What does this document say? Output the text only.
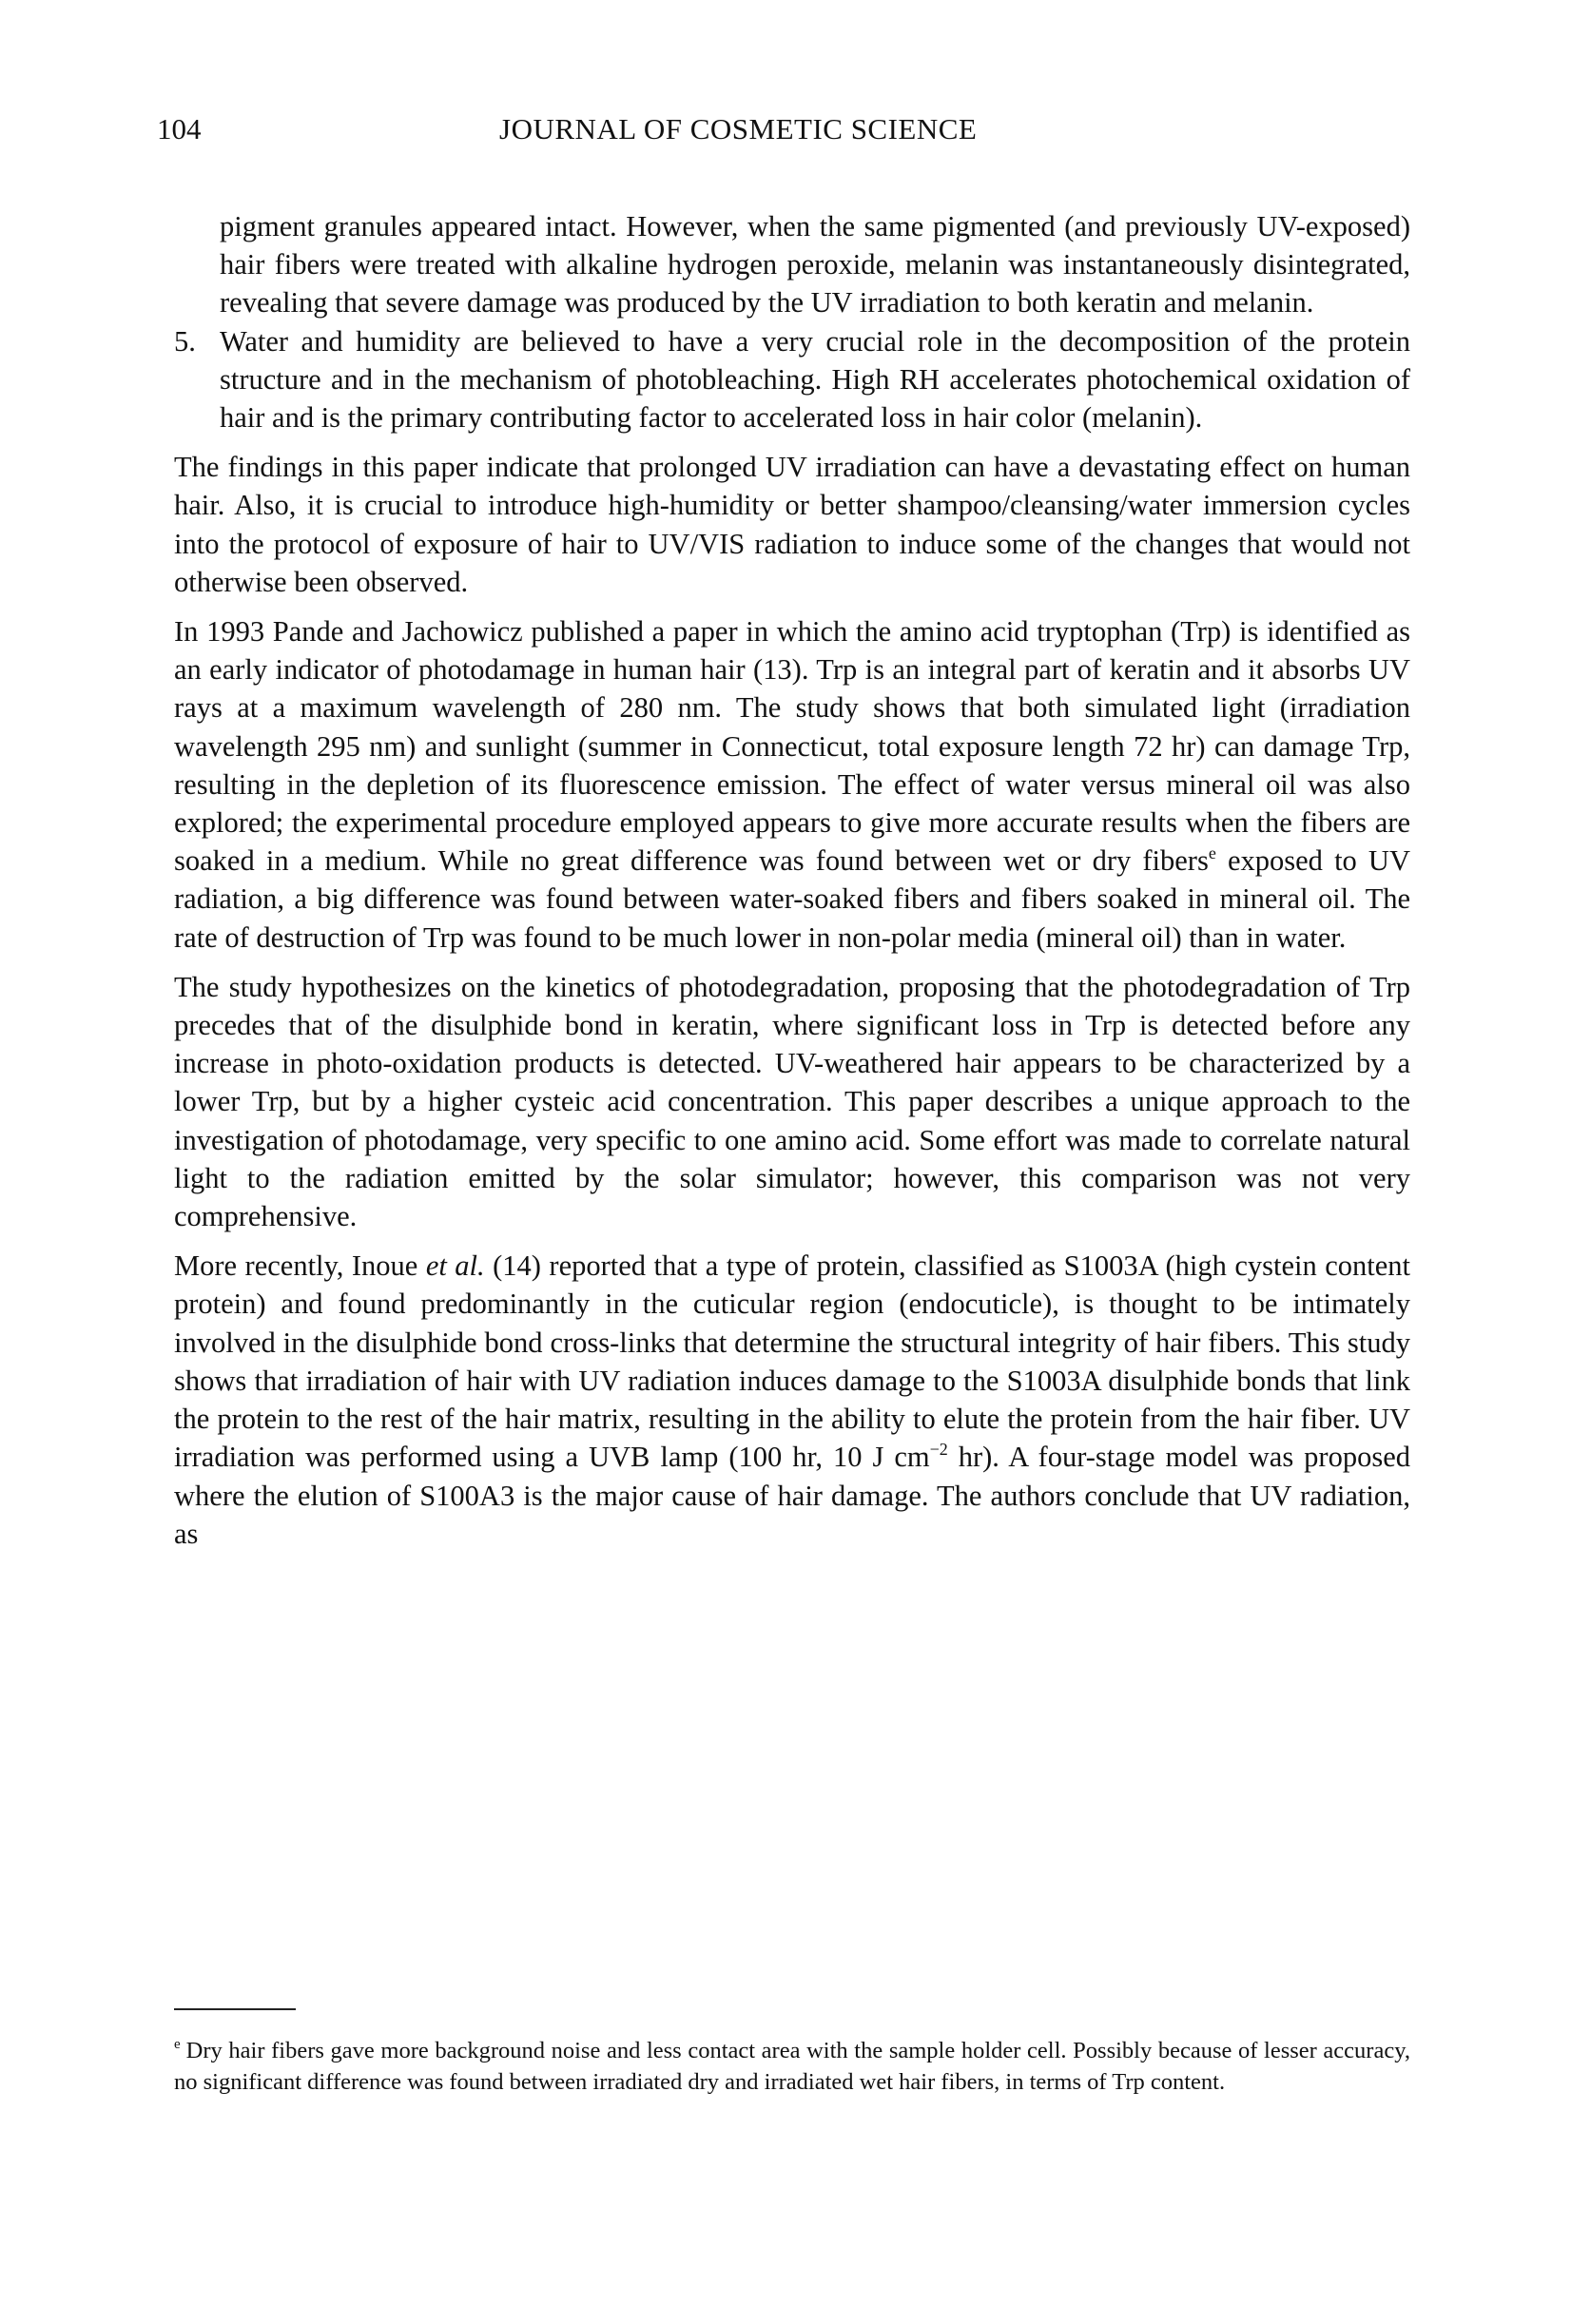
104	JOURNAL OF COSMETIC SCIENCE
pigment granules appeared intact. However, when the same pigmented (and previously UV-exposed) hair fibers were treated with alkaline hydrogen peroxide, melanin was instantaneously disintegrated, revealing that severe damage was produced by the UV irradiation to both keratin and melanin.
5. Water and humidity are believed to have a very crucial role in the decomposition of the protein structure and in the mechanism of photobleaching. High RH accelerates photochemical oxidation of hair and is the primary contributing factor to accelerated loss in hair color (melanin).

The findings in this paper indicate that prolonged UV irradiation can have a devastating effect on human hair. Also, it is crucial to introduce high-humidity or better shampoo/cleansing/water immersion cycles into the protocol of exposure of hair to UV/VIS radiation to induce some of the changes that would not otherwise been observed.

In 1993 Pande and Jachowicz published a paper in which the amino acid tryptophan (Trp) is identified as an early indicator of photodamage in human hair (13). Trp is an integral part of keratin and it absorbs UV rays at a maximum wavelength of 280 nm. The study shows that both simulated light (irradiation wavelength 295 nm) and sunlight (summer in Connecticut, total exposure length 72 hr) can damage Trp, resulting in the depletion of its fluorescence emission. The effect of water versus mineral oil was also explored; the experimental procedure employed appears to give more accurate results when the fibers are soaked in a medium. While no great difference was found between wet or dry fibers$^e$ exposed to UV radiation, a big difference was found between water-soaked fibers and fibers soaked in mineral oil. The rate of destruction of Trp was found to be much lower in non-polar media (mineral oil) than in water.

The study hypothesizes on the kinetics of photodegradation, proposing that the photodegradation of Trp precedes that of the disulphide bond in keratin, where significant loss in Trp is detected before any increase in photo-oxidation products is detected. UV-weathered hair appears to be characterized by a lower Trp, but by a higher cysteic acid concentration. This paper describes a unique approach to the investigation of photodamage, very specific to one amino acid. Some effort was made to correlate natural light to the radiation emitted by the solar simulator; however, this comparison was not very comprehensive.

More recently, Inoue et al. (14) reported that a type of protein, classified as S1003A (high cystein content protein) and found predominantly in the cuticular region (endocuticle), is thought to be intimately involved in the disulphide bond cross-links that determine the structural integrity of hair fibers. This study shows that irradiation of hair with UV radiation induces damage to the S1003A disulphide bonds that link the protein to the rest of the hair matrix, resulting in the ability to elute the protein from the hair fiber. UV irradiation was performed using a UVB lamp (100 hr, 10 J $cm^{-2}$ hr). A four-stage model was proposed where the elution of S100A3 is the major cause of hair damage. The authors conclude that UV radiation, as

$^e$ Dry hair fibers gave more background noise and less contact area with the sample holder cell. Possibly because of lesser accuracy, no significant difference was found between irradiated dry and irradiated wet hair fibers, in terms of Trp content.
